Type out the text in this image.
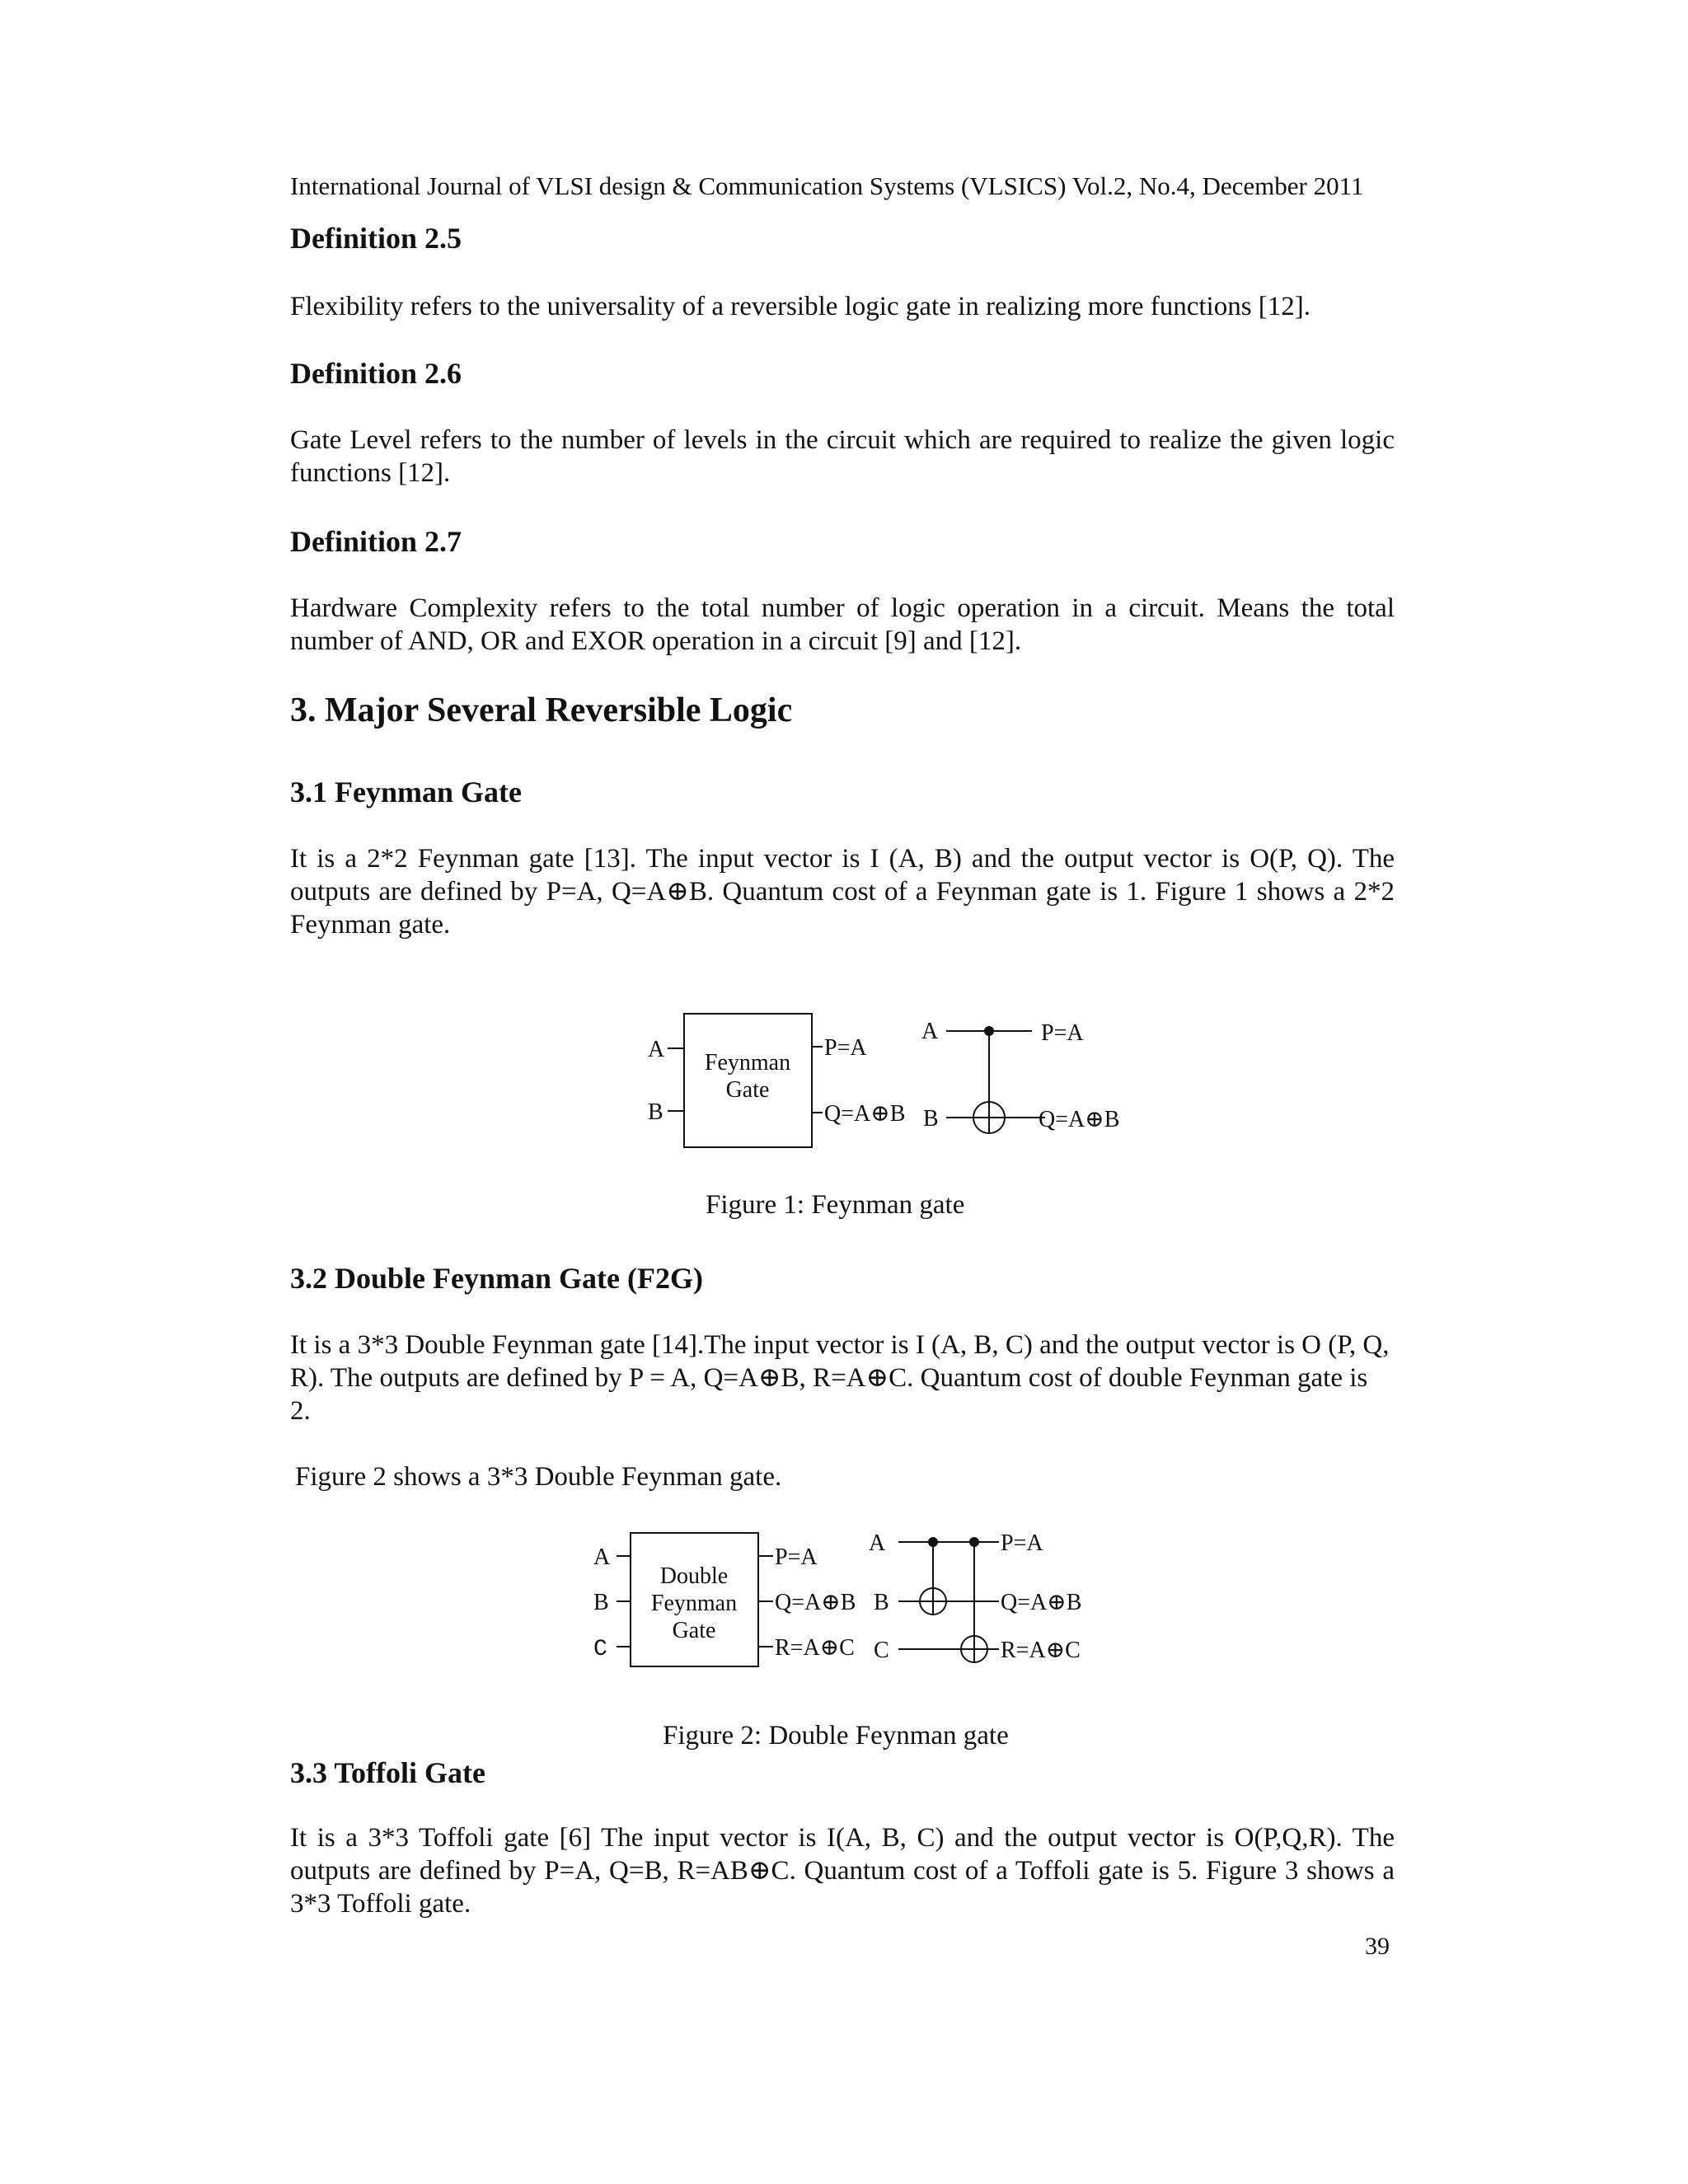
International Journal of VLSI design & Communication Systems (VLSICS) Vol.2, No.4, December 2011
Definition 2.5
Flexibility refers to the universality of a reversible logic gate in realizing more functions [12].
Definition 2.6
Gate Level refers to the number of levels in the circuit which are required to realize the given logic functions [12].
Definition 2.7
Hardware Complexity refers to the total number of logic operation in a circuit. Means the total number of AND, OR and EXOR operation in a circuit [9] and [12].
3. Major Several Reversible Logic
3.1 Feynman Gate
It is a 2*2 Feynman gate [13]. The input vector is I (A, B) and the output vector is O(P, Q). The outputs are defined by P=A, Q=A⊕B. Quantum cost of a Feynman gate is 1. Figure 1 shows a 2*2 Feynman gate.
Feynman
Gate
A
B
P=A
Q=A⊕B
A
B
P=A
Q=A⊕B
Figure 1: Feynman gate
3.2 Double Feynman Gate (F2G)
It is a 3*3 Double Feynman gate [14].The input vector is I (A, B, C) and the output vector is O (P, Q, R). The outputs are defined by P = A, Q=A⊕B, R=A⊕C. Quantum cost of double Feynman gate is 2.
Figure 2 shows a 3*3 Double Feynman gate.
Double
Feynman
Gate
A
B
C
P=A
Q=A⊕B
R=A⊕C
A
B
C
P=A
Q=A⊕B
R=A⊕C
Figure 2: Double Feynman gate
3.3 Toffoli Gate
It is a 3*3 Toffoli gate [6] The input vector is I(A, B, C) and the output vector is O(P,Q,R). The outputs are defined by P=A, Q=B, R=AB⊕C. Quantum cost of a Toffoli gate is 5. Figure 3 shows a 3*3 Toffoli gate.
39
